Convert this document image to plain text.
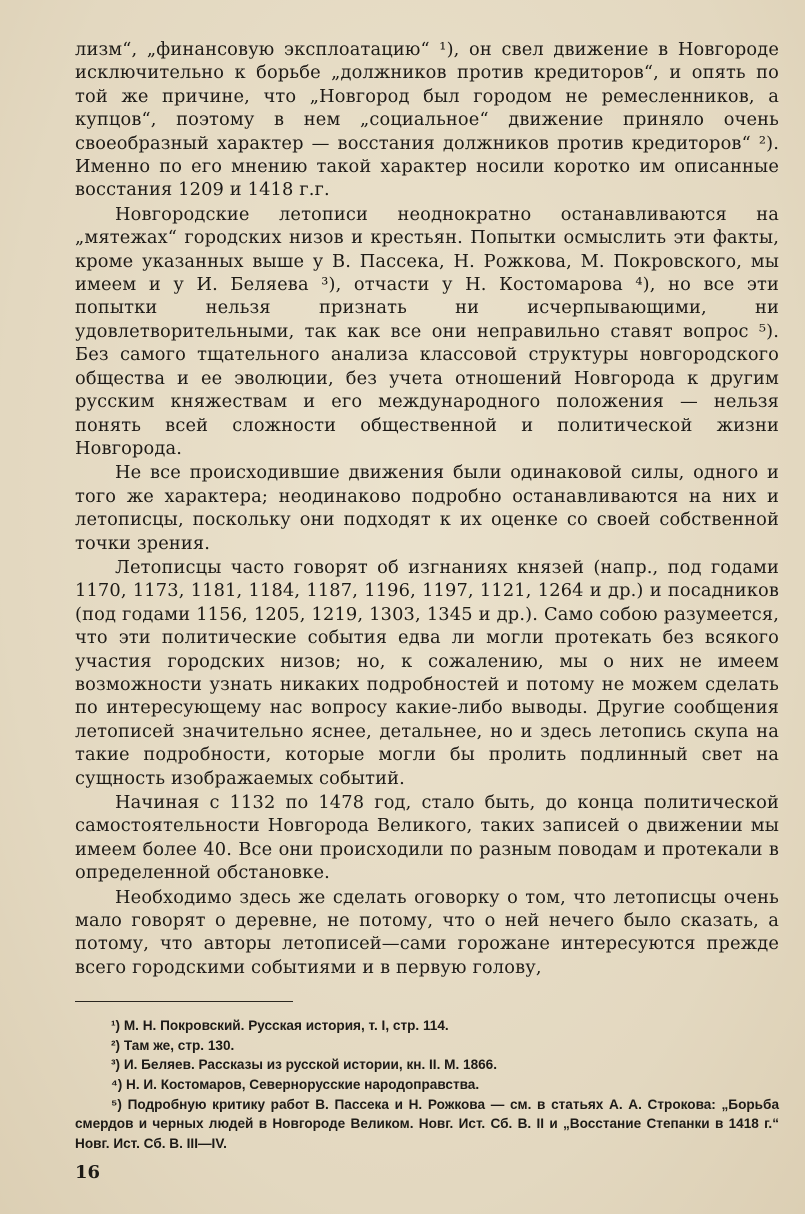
лизм“, „финансовую эксплоатацию“ ¹), он свел движение в Новгороде исключительно к борьбе „должников против кредиторов“, и опять по той же причине, что „Новгород был городом не ремесленников, а купцов“, поэтому в нем „социальное“ движение приняло очень своеобразный характер — восстания должников против кредиторов“ ²). Именно по его мнению такой характер носили коротко им описанные восстания 1209 и 1418 г.г.

Новгородские летописи неоднократно останавливаются на „мятежах“ городских низов и крестьян. Попытки осмыслить эти факты, кроме указанных выше у В. Пассека, Н. Рожкова, М. Покровского, мы имеем и у И. Беляева ³), отчасти у Н. Костомарова ⁴), но все эти попытки нельзя признать ни исчерпывающими, ни удовлетворительными, так как все они неправильно ставят вопрос ⁵). Без самого тщательного анализа классовой структуры новгородского общества и ее эволюции, без учета отношений Новгорода к другим русским княжествам и его международного положения — нельзя понять всей сложности общественной и политической жизни Новгорода.

Не все происходившие движения были одинаковой силы, одного и того же характера; неодинаково подробно останавливаются на них и летописцы, поскольку они подходят к их оценке со своей собственной точки зрения.

Летописцы часто говорят об изгнаниях князей (напр., под годами 1170, 1173, 1181, 1184, 1187, 1196, 1197, 1121, 1264 и др.) и посадников (под годами 1156, 1205, 1219, 1303, 1345 и др.). Само собою разумеется, что эти политические события едва ли могли протекать без всякого участия городских низов; но, к сожалению, мы о них не имеем возможности узнать никаких подробностей и потому не можем сделать по интересующему нас вопросу какие-либо выводы. Другие сообщения летописей значительно яснее, детальнее, но и здесь летопись скупа на такие подробности, которые могли бы пролить подлинный свет на сущность изображаемых событий.

Начиная с 1132 по 1478 год, стало быть, до конца политической самостоятельности Новгорода Великого, таких записей о движении мы имеем более 40. Все они происходили по разным поводам и протекали в определенной обстановке.

Необходимо здесь же сделать оговорку о том, что летописцы очень мало говорят о деревне, не потому, что о ней нечего было сказать, а потому, что авторы летописей—сами горожане интересуются прежде всего городскими событиями и в первую голову,

¹) М. Н. Покровский. Русская история, т. I, стр. 114.

²) Там же, стр. 130.

³) И. Беляев. Рассказы из русской истории, кн. II. М. 1866.

⁴) Н. И. Костомаров, Севернорусские народоправства.

⁵) Подробную критику работ В. Пассека и Н. Рожкова — см. в статьях А. А. Строкова: „Борьба смердов и черных людей в Новгороде Великом. Новг. Ист. Сб. В. II и „Восстание Степанки в 1418 г.“ Новг. Ист. Сб. В. III—IV.

16
